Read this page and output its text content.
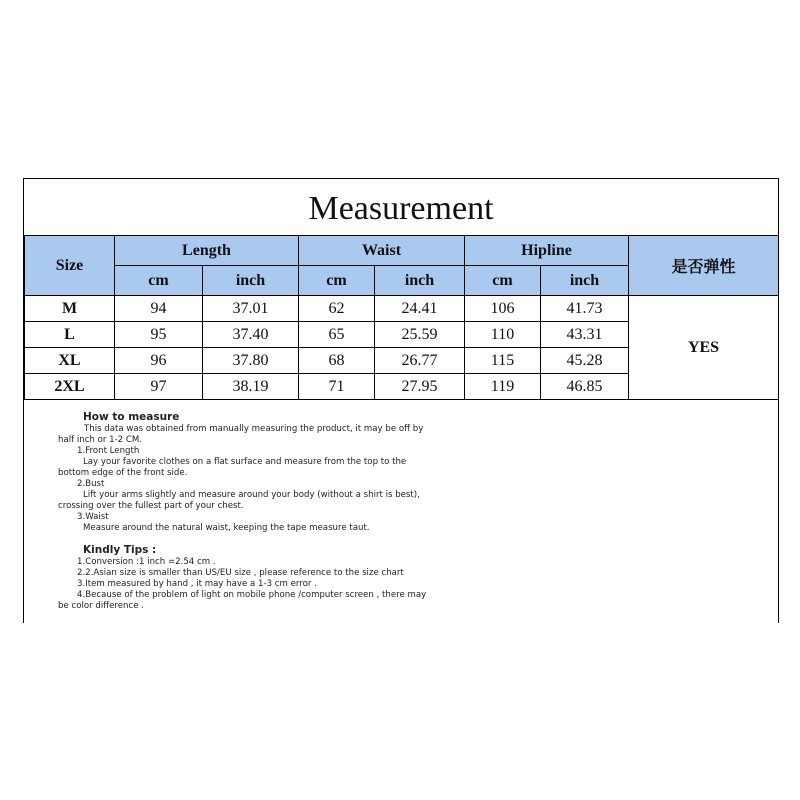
Measurement
Size	Length		Waist		Hipline		是否弹性
	cm	inch	cm	inch	cm	inch	
M	94	37.01	62	24.41	106	41.73	YES
L	95	37.40	65	25.59	110	43.31	
XL	96	37.80	68	26.77	115	45.28	
2XL	97	38.19	71	27.95	119	46.85	
How to measure
This data was obtained from manually measuring the product, it may be off by
half inch or 1-2 CM.
1.Front Length
Lay your favorite clothes on a flat surface and measure from the top to the
bottom edge of the front side.
2.Bust
Lift your arms slightly and measure around your body (without a shirt is best),
crossing over the fullest part of your chest.
3.Waist
Measure around the natural waist, keeping the tape measure taut.
Kindly Tips :
1.Conversion :1 inch =2.54 cm .
2.2.Asian size is smaller than US/EU size , please reference to the size chart
3.Item measured by hand , it may have a 1-3 cm error .
4.Because of the problem of light on mobile phone /computer screen , there may
be color difference .
